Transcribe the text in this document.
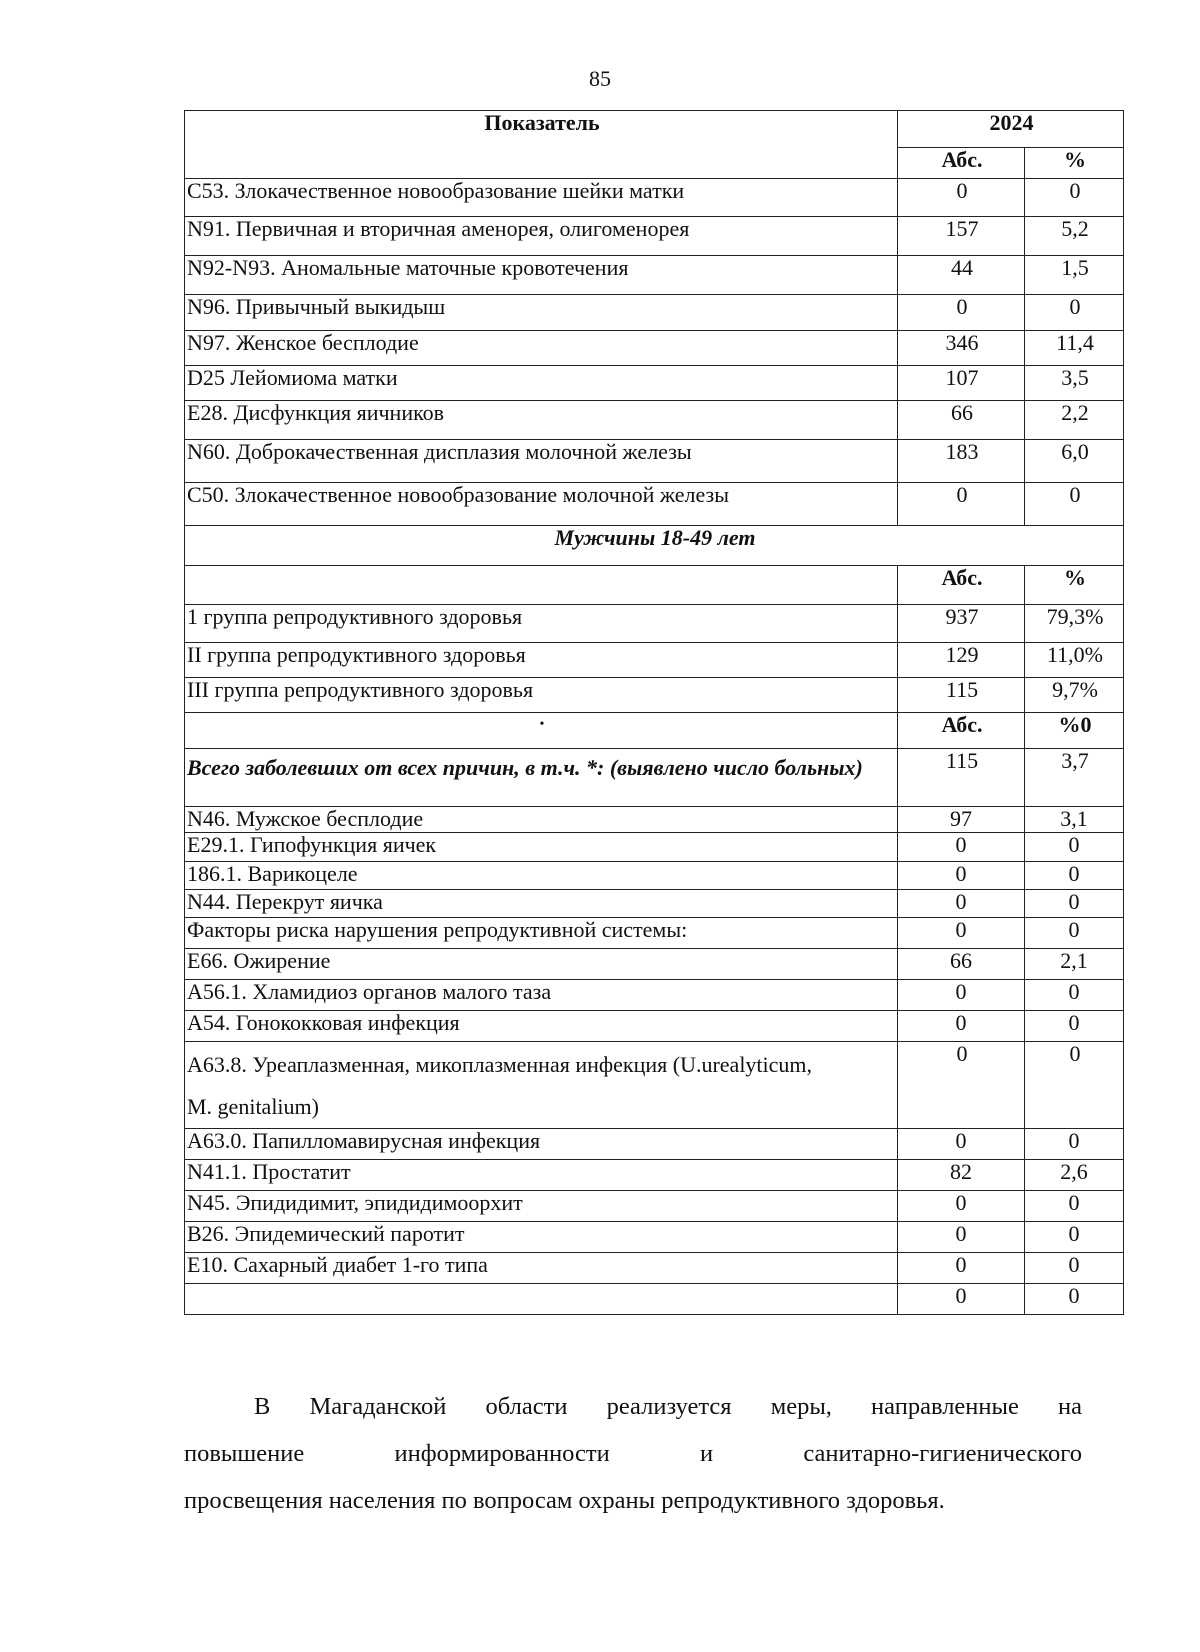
85
Показатель	2024	
	Абс.	%
C53. Злокачественное новообразование шейки матки	0	0
N91. Первичная и вторичная аменорея, олигоменорея	157	5,2
N92-N93. Аномальные маточные кровотечения	44	1,5
N96. Привычный выкидыш	0	0
N97. Женское бесплодие	346	11,4
D25 Лейомиома матки	107	3,5
E28. Дисфункция яичников	66	2,2
N60. Доброкачественная дисплазия молочной железы	183	6,0
C50. Злокачественное новообразование молочной железы	0	0
Мужчины 18-49 лет		
	Абс.	%
1 группа репродуктивного здоровья	937	79,3%
II группа репродуктивного здоровья	129	11,0%
III группа репродуктивного здоровья	115	9,7%
•	Абс.	%0
Всего заболевших от всех причин, в т.ч. *: (выявлено число больных)	115	3,7
N46. Мужское бесплодие	97	3,1
E29.1. Гипофункция яичек	0	0
186.1. Варикоцеле	0	0
N44. Перекрут яичка	0	0
Факторы риска нарушения репродуктивной системы:	0	0
E66. Ожирение	66	2,1
A56.1. Хламидиоз органов малого таза	0	0
A54. Гонококковая инфекция	0	0

A63.8. Уреаплазменная, микоплазменная инфекция (U.urealyticum,
M. genitalium)	0	0
A63.0. Папилломавирусная инфекция	0	0
N41.1. Простатит	82	2,6
N45. Эпидидимит, эпидидимоорхит	0	0
B26. Эпидемический паротит	0	0
E10. Сахарный диабет 1-го типа	0	0
	0	0
В Магаданской области реализуется меры, направленные на
повышение информированности и санитарно-гигиенического
просвещения населения по вопросам охраны репродуктивного здоровья.
